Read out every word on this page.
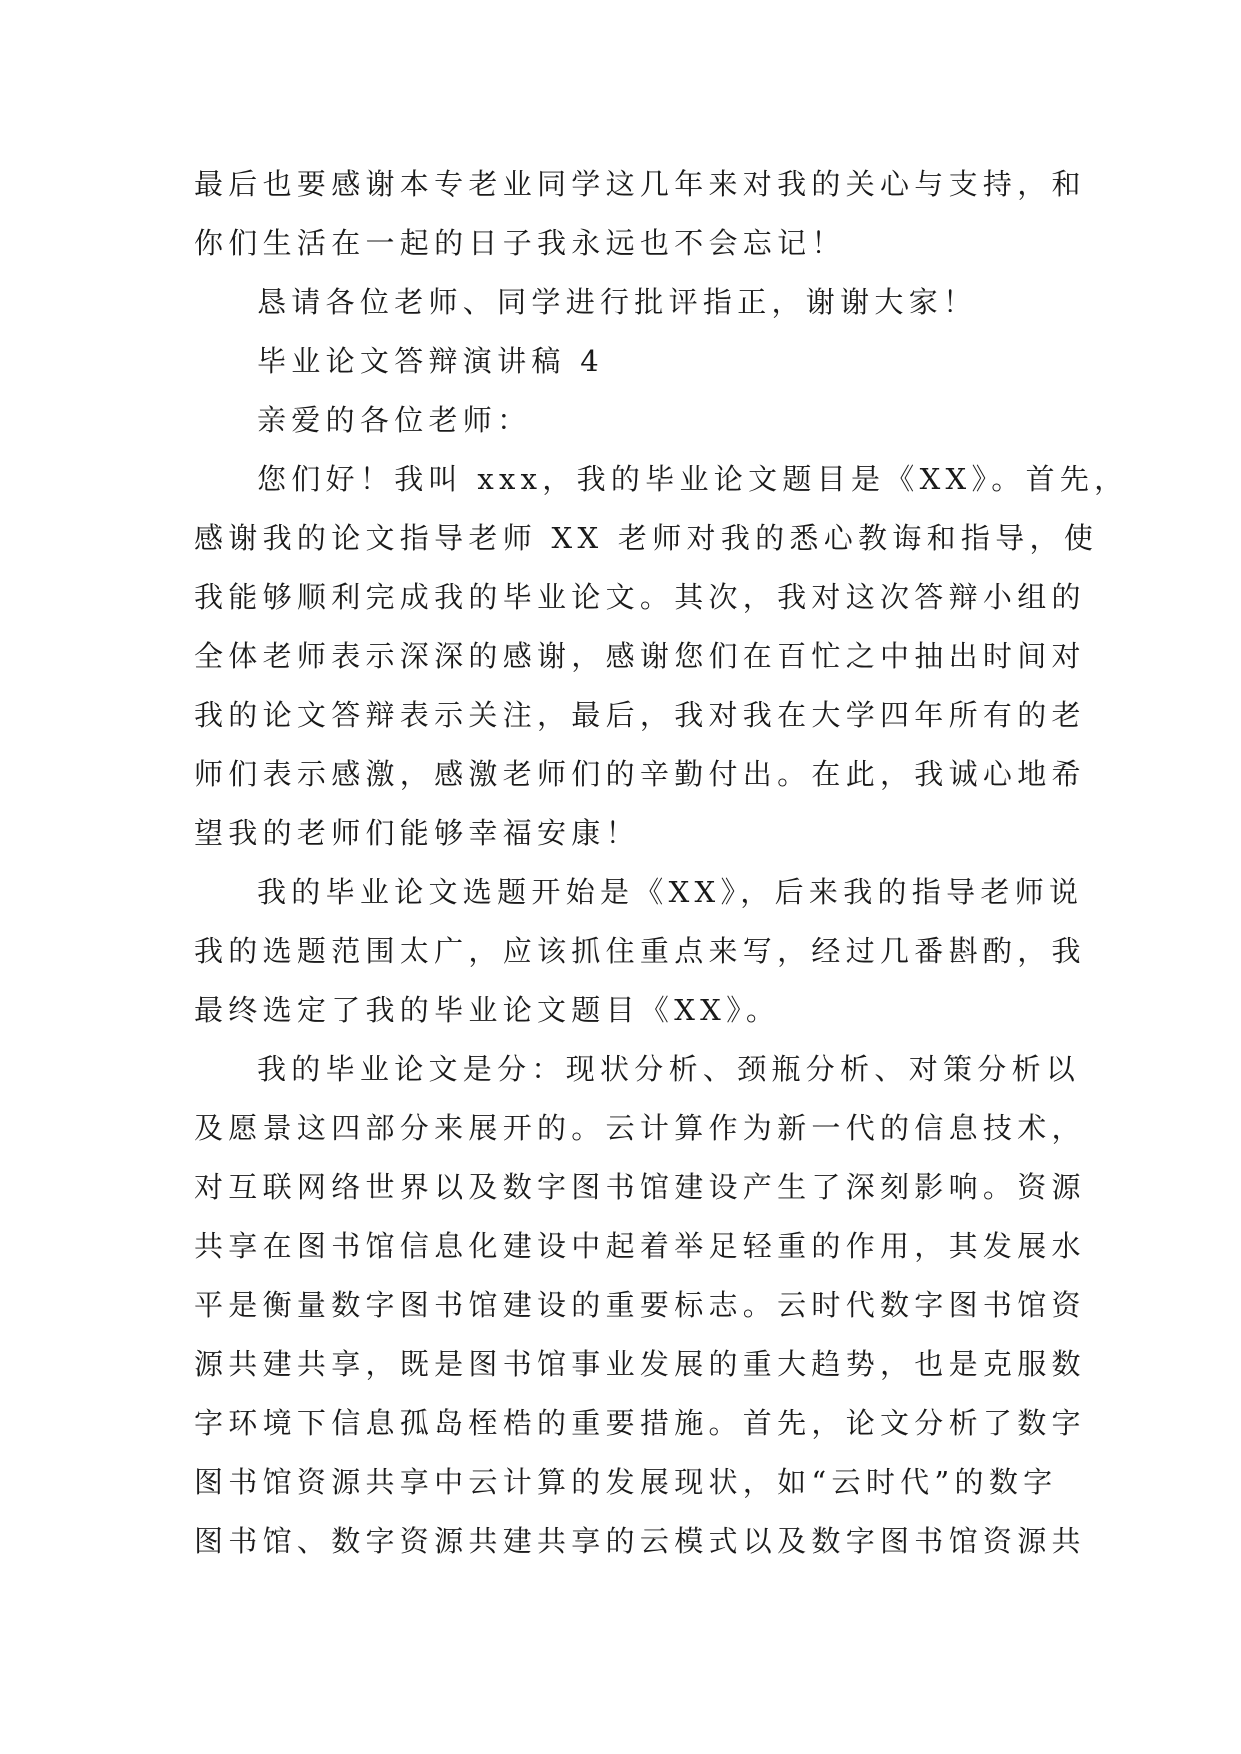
最后也要感谢本专老业同学这几年来对我的关心与支持，和
你们生活在一起的日子我永远也不会忘记！
恳请各位老师、同学进行批评指正，谢谢大家！
毕业论文答辩演讲稿 4
亲爱的各位老师：
您们好！我叫 xxx，我的毕业论文题目是《XX》。首先，
感谢我的论文指导老师 XX 老师对我的悉心教诲和指导，使
我能够顺利完成我的毕业论文。其次，我对这次答辩小组的
全体老师表示深深的感谢，感谢您们在百忙之中抽出时间对
我的论文答辩表示关注，最后，我对我在大学四年所有的老
师们表示感激，感激老师们的辛勤付出。在此，我诚心地希
望我的老师们能够幸福安康！
我的毕业论文选题开始是《XX》，后来我的指导老师说
我的选题范围太广，应该抓住重点来写，经过几番斟酌，我
最终选定了我的毕业论文题目《XX》。
我的毕业论文是分：现状分析、颈瓶分析、对策分析以
及愿景这四部分来展开的。云计算作为新一代的信息技术，
对互联网络世界以及数字图书馆建设产生了深刻影响。资源
共享在图书馆信息化建设中起着举足轻重的作用，其发展水
平是衡量数字图书馆建设的重要标志。云时代数字图书馆资
源共建共享，既是图书馆事业发展的重大趋势，也是克服数
字环境下信息孤岛桎梏的重要措施。首先，论文分析了数字
图书馆资源共享中云计算的发展现状，如“云时代”的数字
图书馆、数字资源共建共享的云模式以及数字图书馆资源共
